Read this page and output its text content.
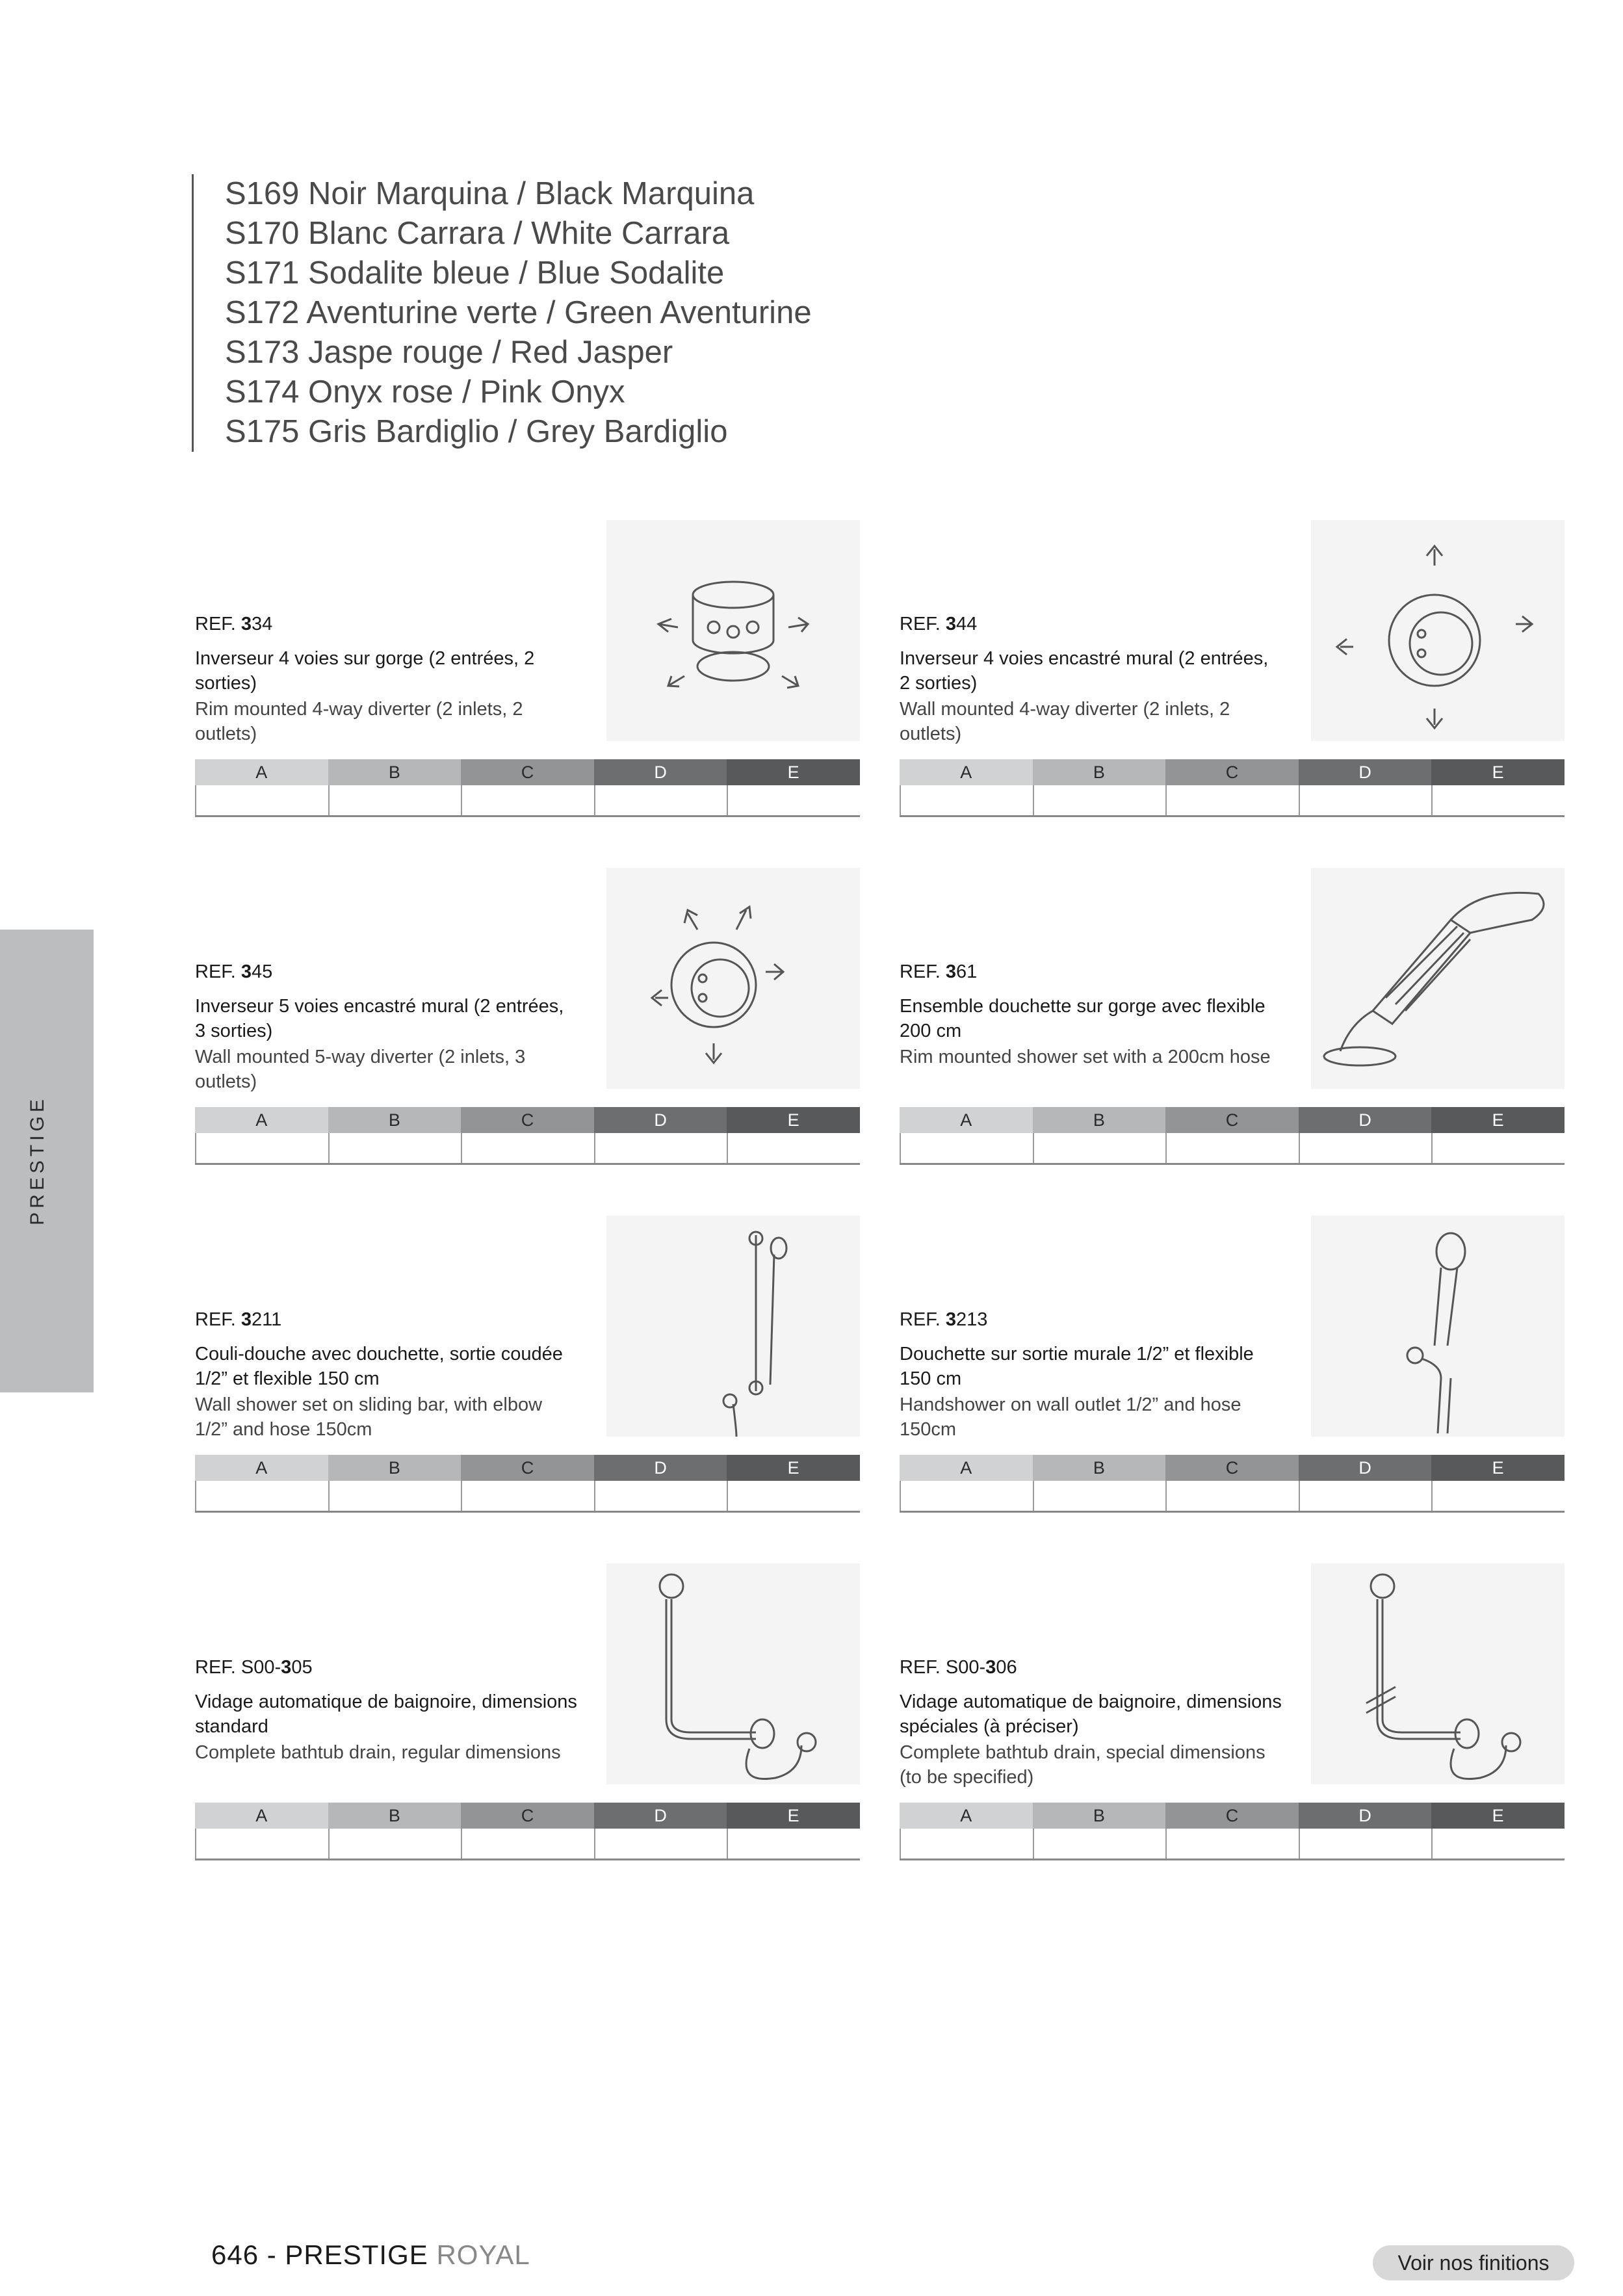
S169 Noir Marquina / Black Marquina
S170 Blanc Carrara / White Carrara
S171 Sodalite bleue / Blue Sodalite
S172 Aventurine verte / Green Aventurine
S173 Jaspe rouge / Red Jasper
S174 Onyx rose / Pink Onyx
S175 Gris Bardiglio / Grey Bardiglio
PRESTIGE
REF. 334
Inverseur 4 voies sur gorge (2 entrées, 2 sorties)
Rim mounted 4-way diverter (2 inlets, 2 outlets)
A	B	C	D	E
REF. 344
Inverseur 4 voies encastré mural (2 entrées, 2 sorties)
Wall mounted 4-way diverter (2 inlets, 2 outlets)
A	B	C	D	E
REF. 345
Inverseur 5 voies encastré mural (2 entrées, 3 sorties)
Wall mounted 5-way diverter (2 inlets, 3 outlets)
A	B	C	D	E
REF. 361
Ensemble douchette sur gorge avec flexible 200 cm
Rim mounted shower set with a 200cm hose
A	B	C	D	E
REF. 3211
Couli-douche avec douchette, sortie coudée 1/2” et flexible 150 cm
Wall shower set on sliding bar, with elbow 1/2” and hose 150cm
A	B	C	D	E
REF. 3213
Douchette sur sortie murale 1/2” et flexible 150 cm
Handshower on wall outlet 1/2” and hose 150cm
A	B	C	D	E
REF. S00-305
Vidage automatique de baignoire, dimensions standard
Complete bathtub drain, regular dimensions
A	B	C	D	E
REF. S00-306
Vidage automatique de baignoire, dimensions spéciales (à préciser)
Complete bathtub drain, special dimensions (to be specified)
A	B	C	D	E
646 - PRESTIGE ROYAL	Voir nos finitions
